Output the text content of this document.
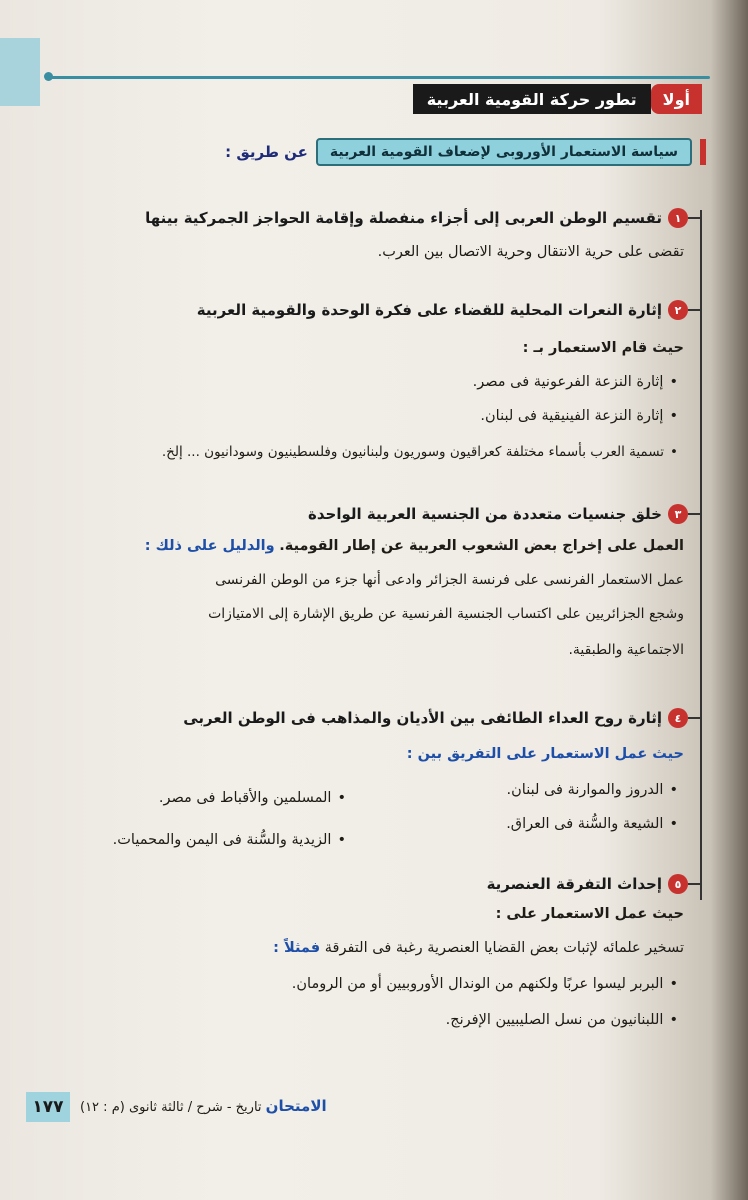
أولا
تطور حركة القومية العربية
سياسة الاستعمار الأوروبى لإضعاف القومية العربية
عن طريق :
١
تقسيم الوطن العربى إلى أجزاء منفصلة وإقامة الحواجز الجمركية بينها
تقضى على حرية الانتقال وحرية الاتصال بين العرب.
٢
إثارة النعرات المحلية للقضاء على فكرة الوحدة والقومية العربية
حيث قام الاستعمار بـ :
• إثارة النزعة الفرعونية فى مصر.
• إثارة النزعة الفينيقية فى لبنان.
• تسمية العرب بأسماء مختلفة كعراقيون وسوريون ولبنانيون وفلسطينيون وسودانيون ... إلخ.
٣
خلق جنسيات متعددة من الجنسية العربية الواحدة
العمل على إخراج بعض الشعوب العربية عن إطار القومية. والدليل على ذلك :
عمل الاستعمار الفرنسى على فرنسة الجزائر وادعى أنها جزء من الوطن الفرنسى
وشجع الجزائريين على اكتساب الجنسية الفرنسية عن طريق الإشارة إلى الامتيازات
الاجتماعية والطبقية.
٤
إثارة روح العداء الطائفى بين الأديان والمذاهب فى الوطن العربى
حيث عمل الاستعمار على التفريق بين :
• الدروز والموارنة فى لبنان.
• الشيعة والسُّنة فى العراق.
• المسلمين والأقباط فى مصر.
• الزيدية والسُّنة فى اليمن والمحميات.
٥
إحداث التفرقة العنصرية
حيث عمل الاستعمار على :
تسخير علمائه لإثبات بعض القضايا العنصرية رغبة فى التفرقة فمثلاً :
• البربر ليسوا عربًا ولكنهم من الوندال الأوروبيين أو من الرومان.
• اللبنانيون من نسل الصليبيين الإفرنج.
١٧٧	الامتحان تاريخ - شرح / ثالثة ثانوى (م : ١٢)
